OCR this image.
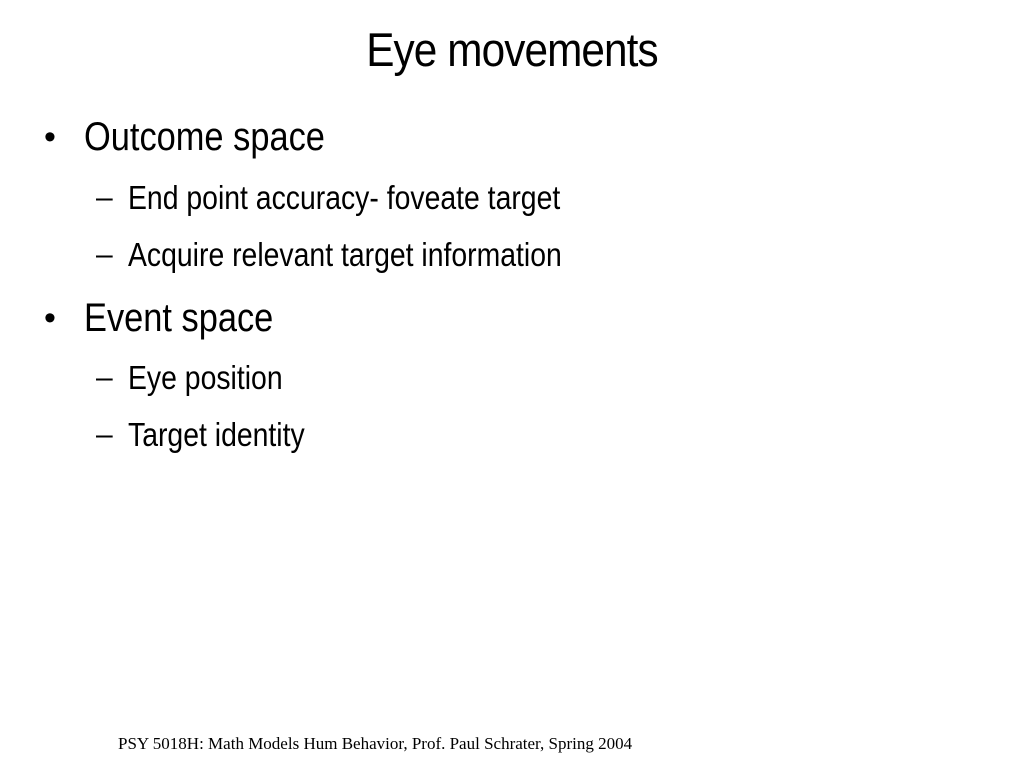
Eye movements
• Outcome space
– End point accuracy- foveate target
– Acquire relevant target information
• Event space
– Eye position
– Target identity
PSY 5018H: Math Models Hum Behavior, Prof. Paul Schrater, Spring 2004
